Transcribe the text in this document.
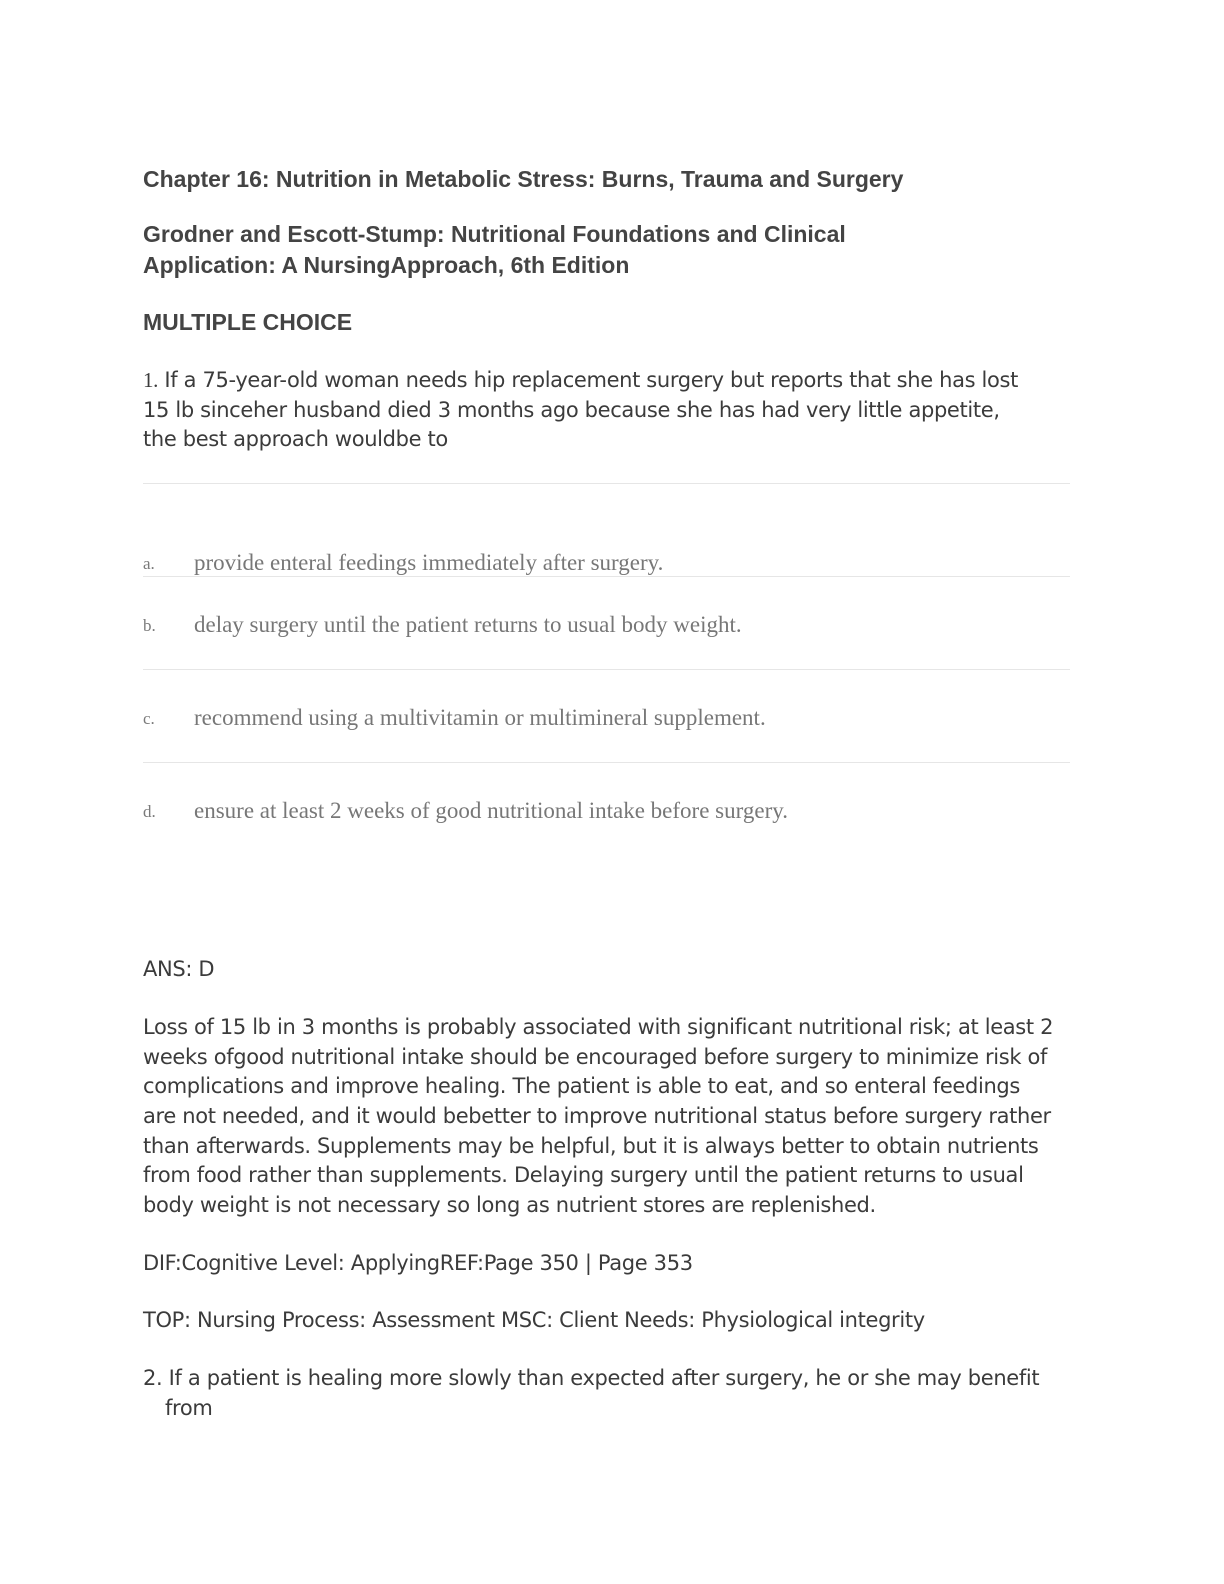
Chapter 16: Nutrition in Metabolic Stress: Burns, Trauma and Surgery

Grodner and Escott-Stump: Nutritional Foundations and Clinical
Application: A NursingApproach, 6th Edition

MULTIPLE CHOICE

1. If a 75-year-old woman needs hip replacement surgery but reports that she has lost 15 lb sinceher husband died 3 months ago because she has had very little appetite, the best approach wouldbe to

a. provide enteral feedings immediately after surgery.
b. delay surgery until the patient returns to usual body weight.
c. recommend using a multivitamin or multimineral supplement.
d. ensure at least 2 weeks of good nutritional intake before surgery.

ANS: D

Loss of 15 lb in 3 months is probably associated with significant nutritional risk; at least 2 weeks ofgood nutritional intake should be encouraged before surgery to minimize risk of complications and improve healing. The patient is able to eat, and so enteral feedings are not needed, and it would bebetter to improve nutritional status before surgery rather than afterwards. Supplements may be helpful, but it is always better to obtain nutrients from food rather than supplements. Delaying surgery until the patient returns to usual body weight is not necessary so long as nutrient stores are replenished.

DIF:Cognitive Level: ApplyingREF:Page 350 | Page 353

TOP: Nursing Process: Assessment MSC: Client Needs: Physiological integrity

2. If a patient is healing more slowly than expected after surgery, he or she may benefit from
